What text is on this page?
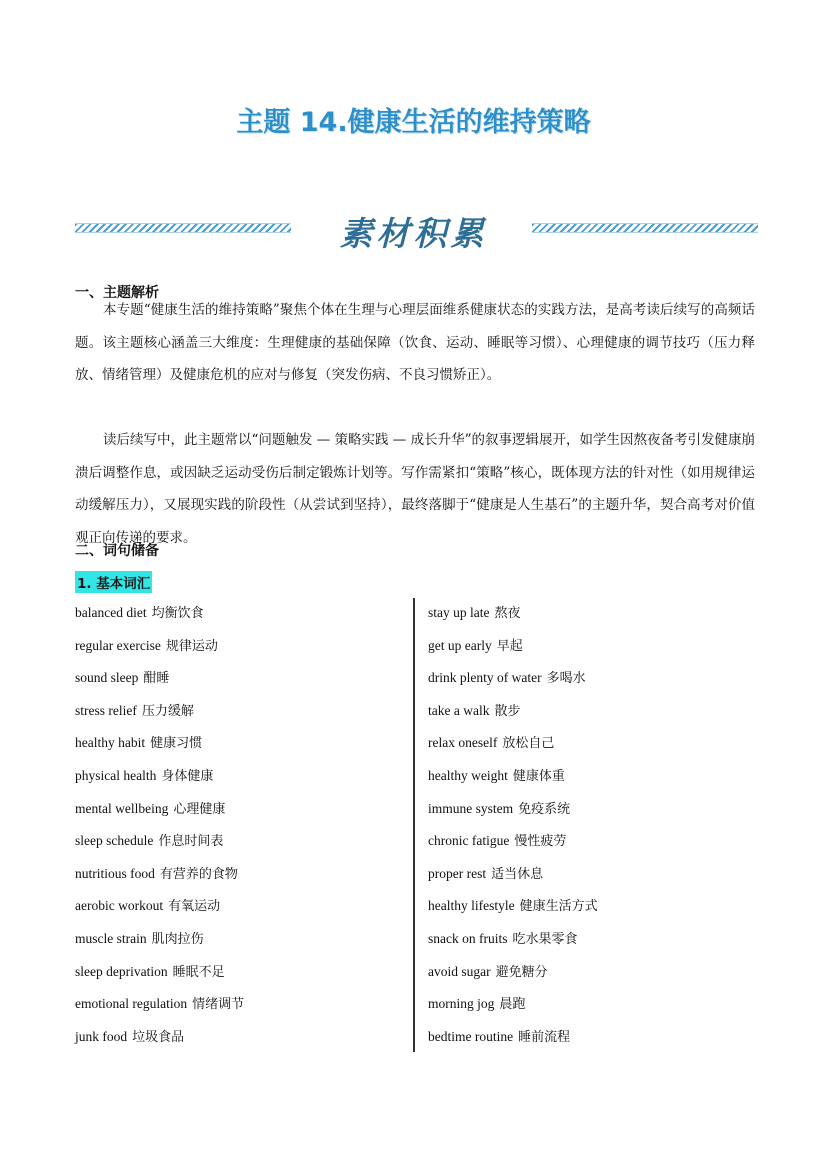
主题 14.健康生活的维持策略
素材积累
一、主题解析

本专题“健康生活的维持策略”聚焦个体在生理与心理层面维系健康状态的实践方法，是高考读后续写的高频话题。该主题核心涵盖三大维度：生理健康的基础保障（饮食、运动、睡眠等习惯）、心理健康的调节技巧（压力释放、情绪管理）及健康危机的应对与修复（突发伤病、不良习惯矫正）。

读后续写中，此主题常以“问题触发 — 策略实践 — 成长升华”的叙事逻辑展开，如学生因熬夜备考引发健康崩溃后调整作息，或因缺乏运动受伤后制定锻炼计划等。写作需紧扣“策略”核心，既体现方法的针对性（如用规律运动缓解压力），又展现实践的阶段性（从尝试到坚持），最终落脚于“健康是人生基石”的主题升华，契合高考对价值观正向传递的要求。

二、词句储备
1. 基本词汇
balanced diet 均衡饮食
regular exercise 规律运动
sound sleep 酣睡
stress relief 压力缓解
healthy habit 健康习惯
physical health 身体健康
mental wellbeing 心理健康
sleep schedule 作息时间表
nutritious food 有营养的食物
aerobic workout 有氧运动
muscle strain 肌肉拉伤
sleep deprivation 睡眠不足
emotional regulation 情绪调节
junk food 垃圾食品
stay up late 熬夜
get up early 早起
drink plenty of water 多喝水
take a walk 散步
relax oneself 放松自己
healthy weight 健康体重
immune system 免疫系统
chronic fatigue 慢性疲劳
proper rest 适当休息
healthy lifestyle 健康生活方式
snack on fruits 吃水果零食
avoid sugar 避免糖分
morning jog 晨跑
bedtime routine 睡前流程
